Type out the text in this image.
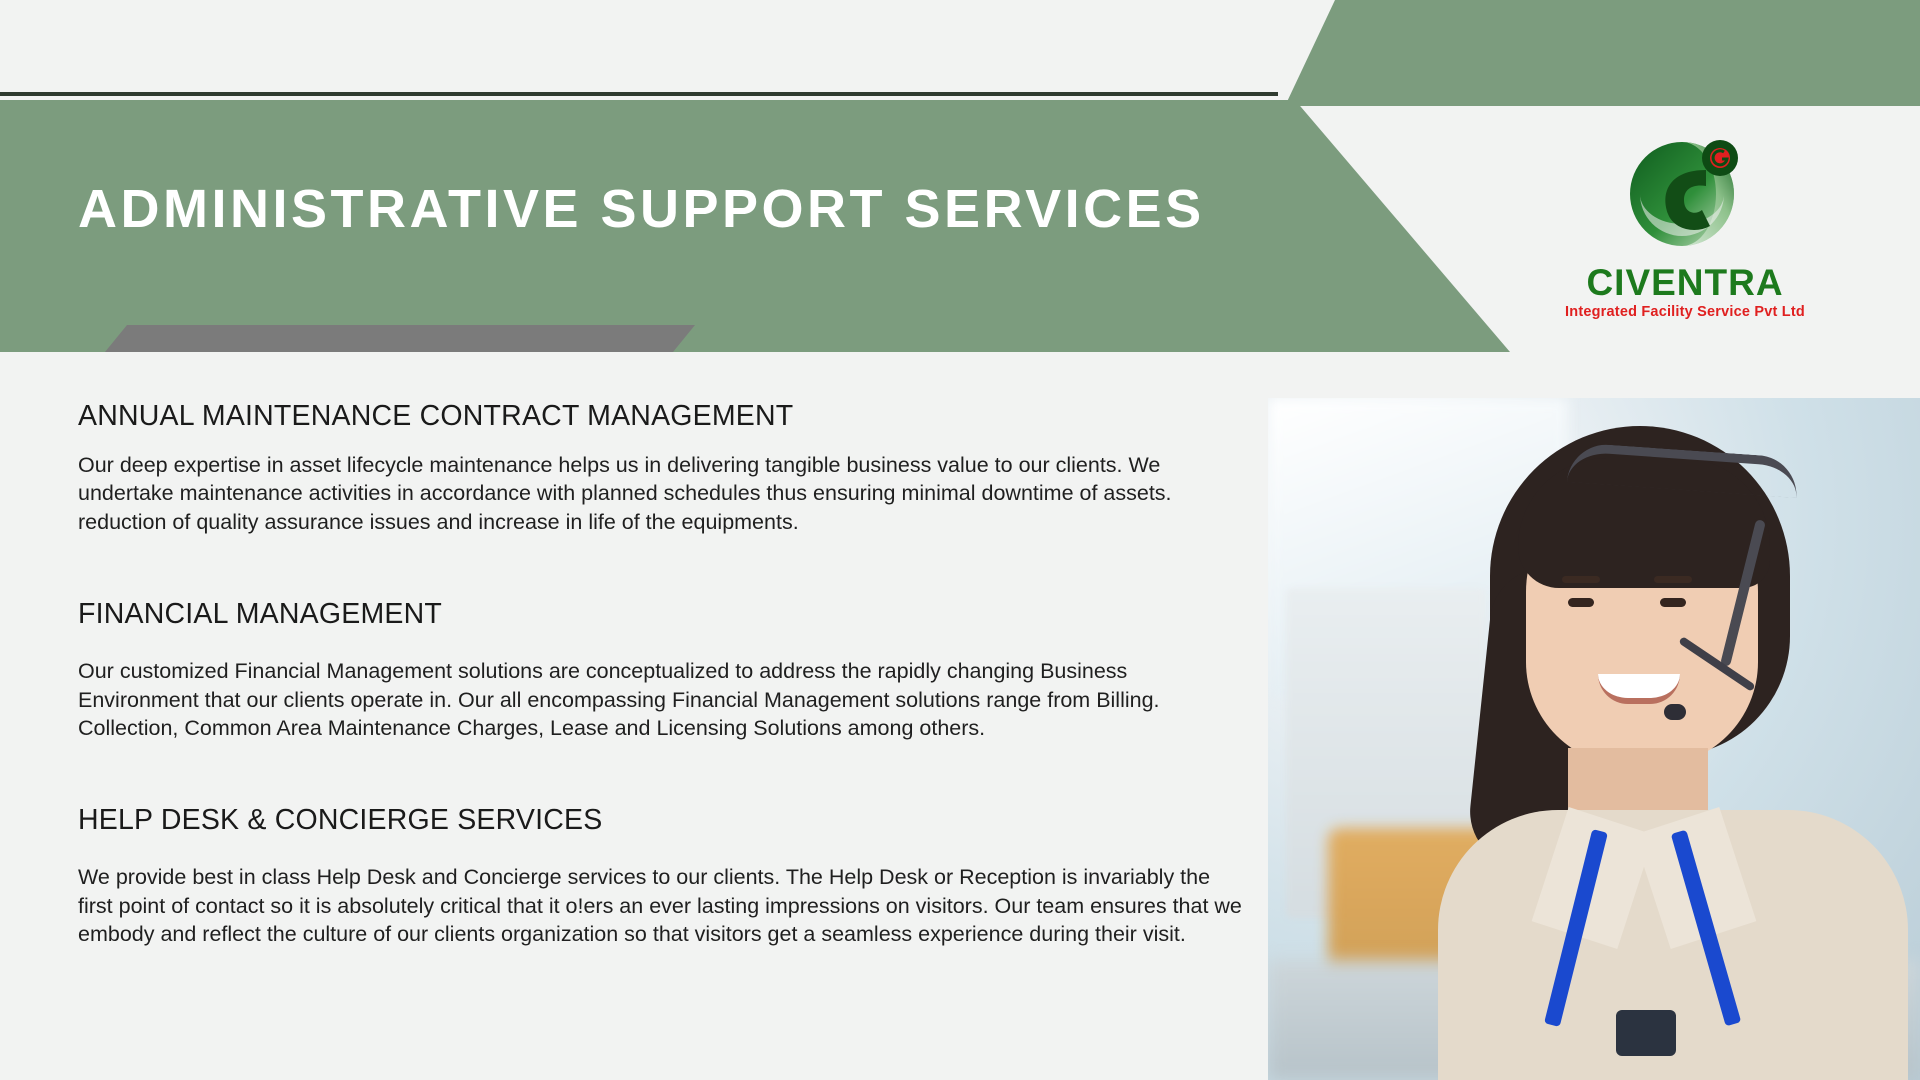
ADMINISTRATIVE SUPPORT SERVICES
CIVENTRA
Integrated Facility Service Pvt Ltd
ANNUAL MAINTENANCE CONTRACT MANAGEMENT
Our deep expertise in asset lifecycle maintenance helps us in delivering tangible business value to our clients. We undertake maintenance activities in accordance with planned schedules thus ensuring minimal downtime of assets. reduction of quality assurance issues and increase in life of the equipments.
FINANCIAL MANAGEMENT
Our customized Financial Management solutions are conceptualized to address the rapidly changing Business Environment that our clients operate in. Our all encompassing Financial Management solutions range from Billing. Collection, Common Area Maintenance Charges, Lease and Licensing Solutions among others.
HELP DESK & CONCIERGE SERVICES
We provide best in class Help Desk and Concierge services to our clients. The Help Desk or Reception is invariably the first point of contact so it is absolutely critical that it o!ers an ever lasting impressions on visitors. Our team ensures that we embody and reflect the culture of our clients organization so that visitors get a seamless experience during their visit.
